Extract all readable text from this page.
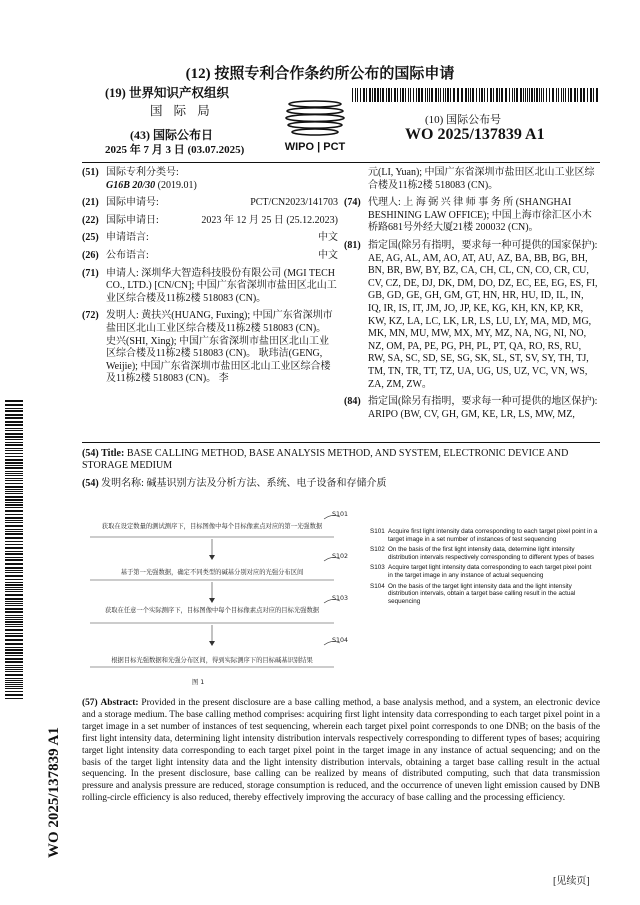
(12) 按照专利合作条约所公布的国际申请
(19) 世界知识产权组织
国 际 局
(43) 国际公布日
2025 年 7 月 3 日 (03.07.2025)	WIPO | PCT
(10) 国际公布号
WO 2025/137839 A1
(51) 国际专利分类号:
G16B 20/30 (2019.01)
(21) 国际申请号:	PCT/CN2023/141703
(22) 国际申请日:	2023 年 12 月 25 日 (25.12.2023)
(25) 申请语言:	中文
(26) 公布语言:	中文
(71) 申请人: 深圳华大智造科技股份有限公司 (MGI TECH CO., LTD.) [CN/CN]; 中国广东省深圳市盐田区北山工业区综合楼及11栋2楼 518083 (CN)。
(72) 发明人: 黄扶兴(HUANG, Fuxing); 中国广东省深圳市盐田区北山工业区综合楼及11栋2楼 518083 (CN)。 史兴(SHI, Xing); 中国广东省深圳市盐田区北山工业区综合楼及11栋2楼 518083 (CN)。 耿玮洁(GENG, Weijie); 中国广东省深圳市盐田区北山工业区综合楼及11栋2楼 518083 (CN)。 李
元(LI, Yuan); 中国广东省深圳市盐田区北山工业区综合楼及11栋2楼 518083 (CN)。
(74) 代理人: 上 海 弼 兴 律 师 事 务 所 (SHANGHAI BESHINING LAW OFFICE); 中国上海市徐汇区小木桥路681号外经大厦21楼 200032 (CN)。
(81) 指定国(除另有指明，要求每一种可提供的国家保护): AE, AG, AL, AM, AO, AT, AU, AZ, BA, BB, BG, BH, BN, BR, BW, BY, BZ, CA, CH, CL, CN, CO, CR, CU, CV, CZ, DE, DJ, DK, DM, DO, DZ, EC, EE, EG, ES, FI, GB, GD, GE, GH, GM, GT, HN, HR, HU, ID, IL, IN, IQ, IR, IS, IT, JM, JO, JP, KE, KG, KH, KN, KP, KR, KW, KZ, LA, LC, LK, LR, LS, LU, LY, MA, MD, MG, MK, MN, MU, MW, MX, MY, MZ, NA, NG, NI, NO, NZ, OM, PA, PE, PG, PH, PL, PT, QA, RO, RS, RU, RW, SA, SC, SD, SE, SG, SK, SL, ST, SV, SY, TH, TJ, TM, TN, TR, TT, TZ, UA, UG, US, UZ, VC, VN, WS, ZA, ZM, ZW。
(84) 指定国(除另有指明，要求每一种可提供的地区保护): ARIPO (BW, CV, GH, GM, KE, LR, LS, MW, MZ,
(54) Title: BASE CALLING METHOD, BASE ANALYSIS METHOD, AND SYSTEM, ELECTRONIC DEVICE AND STORAGE MEDIUM
(54) 发明名称: 碱基识别方法及分析方法、系统、电子设备和存储介质
S101
S102
S103
S104
获取在设定数量的测试测序下，目标图像中每个目标像素点对应的第一光强数据
基于第一光强数据，确定不同类型的碱基分别对应的光强分布区间
获取在任意一个实际测序下，目标图像中每个目标像素点对应的目标光强数据
根据目标光强数据和光强分布区间，得到实际测序下的目标碱基识别结果
图 1
S101 Acquire first light intensity data corresponding to each target pixel point in a target image in a set number of instances of test sequencing
S102 On the basis of the first light intensity data, determine light intensity distribution intervals respectively corresponding to different types of bases
S103 Acquire target light intensity data corresponding to each target pixel point in the target image in any instance of actual sequencing
S104 On the basis of the target light intensity data and the light intensity distribution intervals, obtain a target base calling result in the actual sequencing
(57) Abstract: Provided in the present disclosure are a base calling method, a base analysis method, and a system, an electronic device and a storage medium. The base calling method comprises: acquiring first light intensity data corresponding to each target pixel point in a target image in a set number of instances of test sequencing, wherein each target pixel point corresponds to one DNB; on the basis of the first light intensity data, determining light intensity distribution intervals respectively corresponding to different types of bases; acquiring target light intensity data corresponding to each target pixel point in the target image in any instance of actual sequencing; and on the basis of the target light intensity data and the light intensity distribution intervals, obtaining a target base calling result in the actual sequencing. In the present disclosure, base calling can be realized by means of distributed computing, such that data transmission pressure and analysis pressure are reduced, storage consumption is reduced, and the occurrence of uneven light emission caused by DNB rolling-circle efficiency is also reduced, thereby effectively improving the accuracy of base calling and the processing efficiency.
WO 2025/137839 A1
[见续页]
